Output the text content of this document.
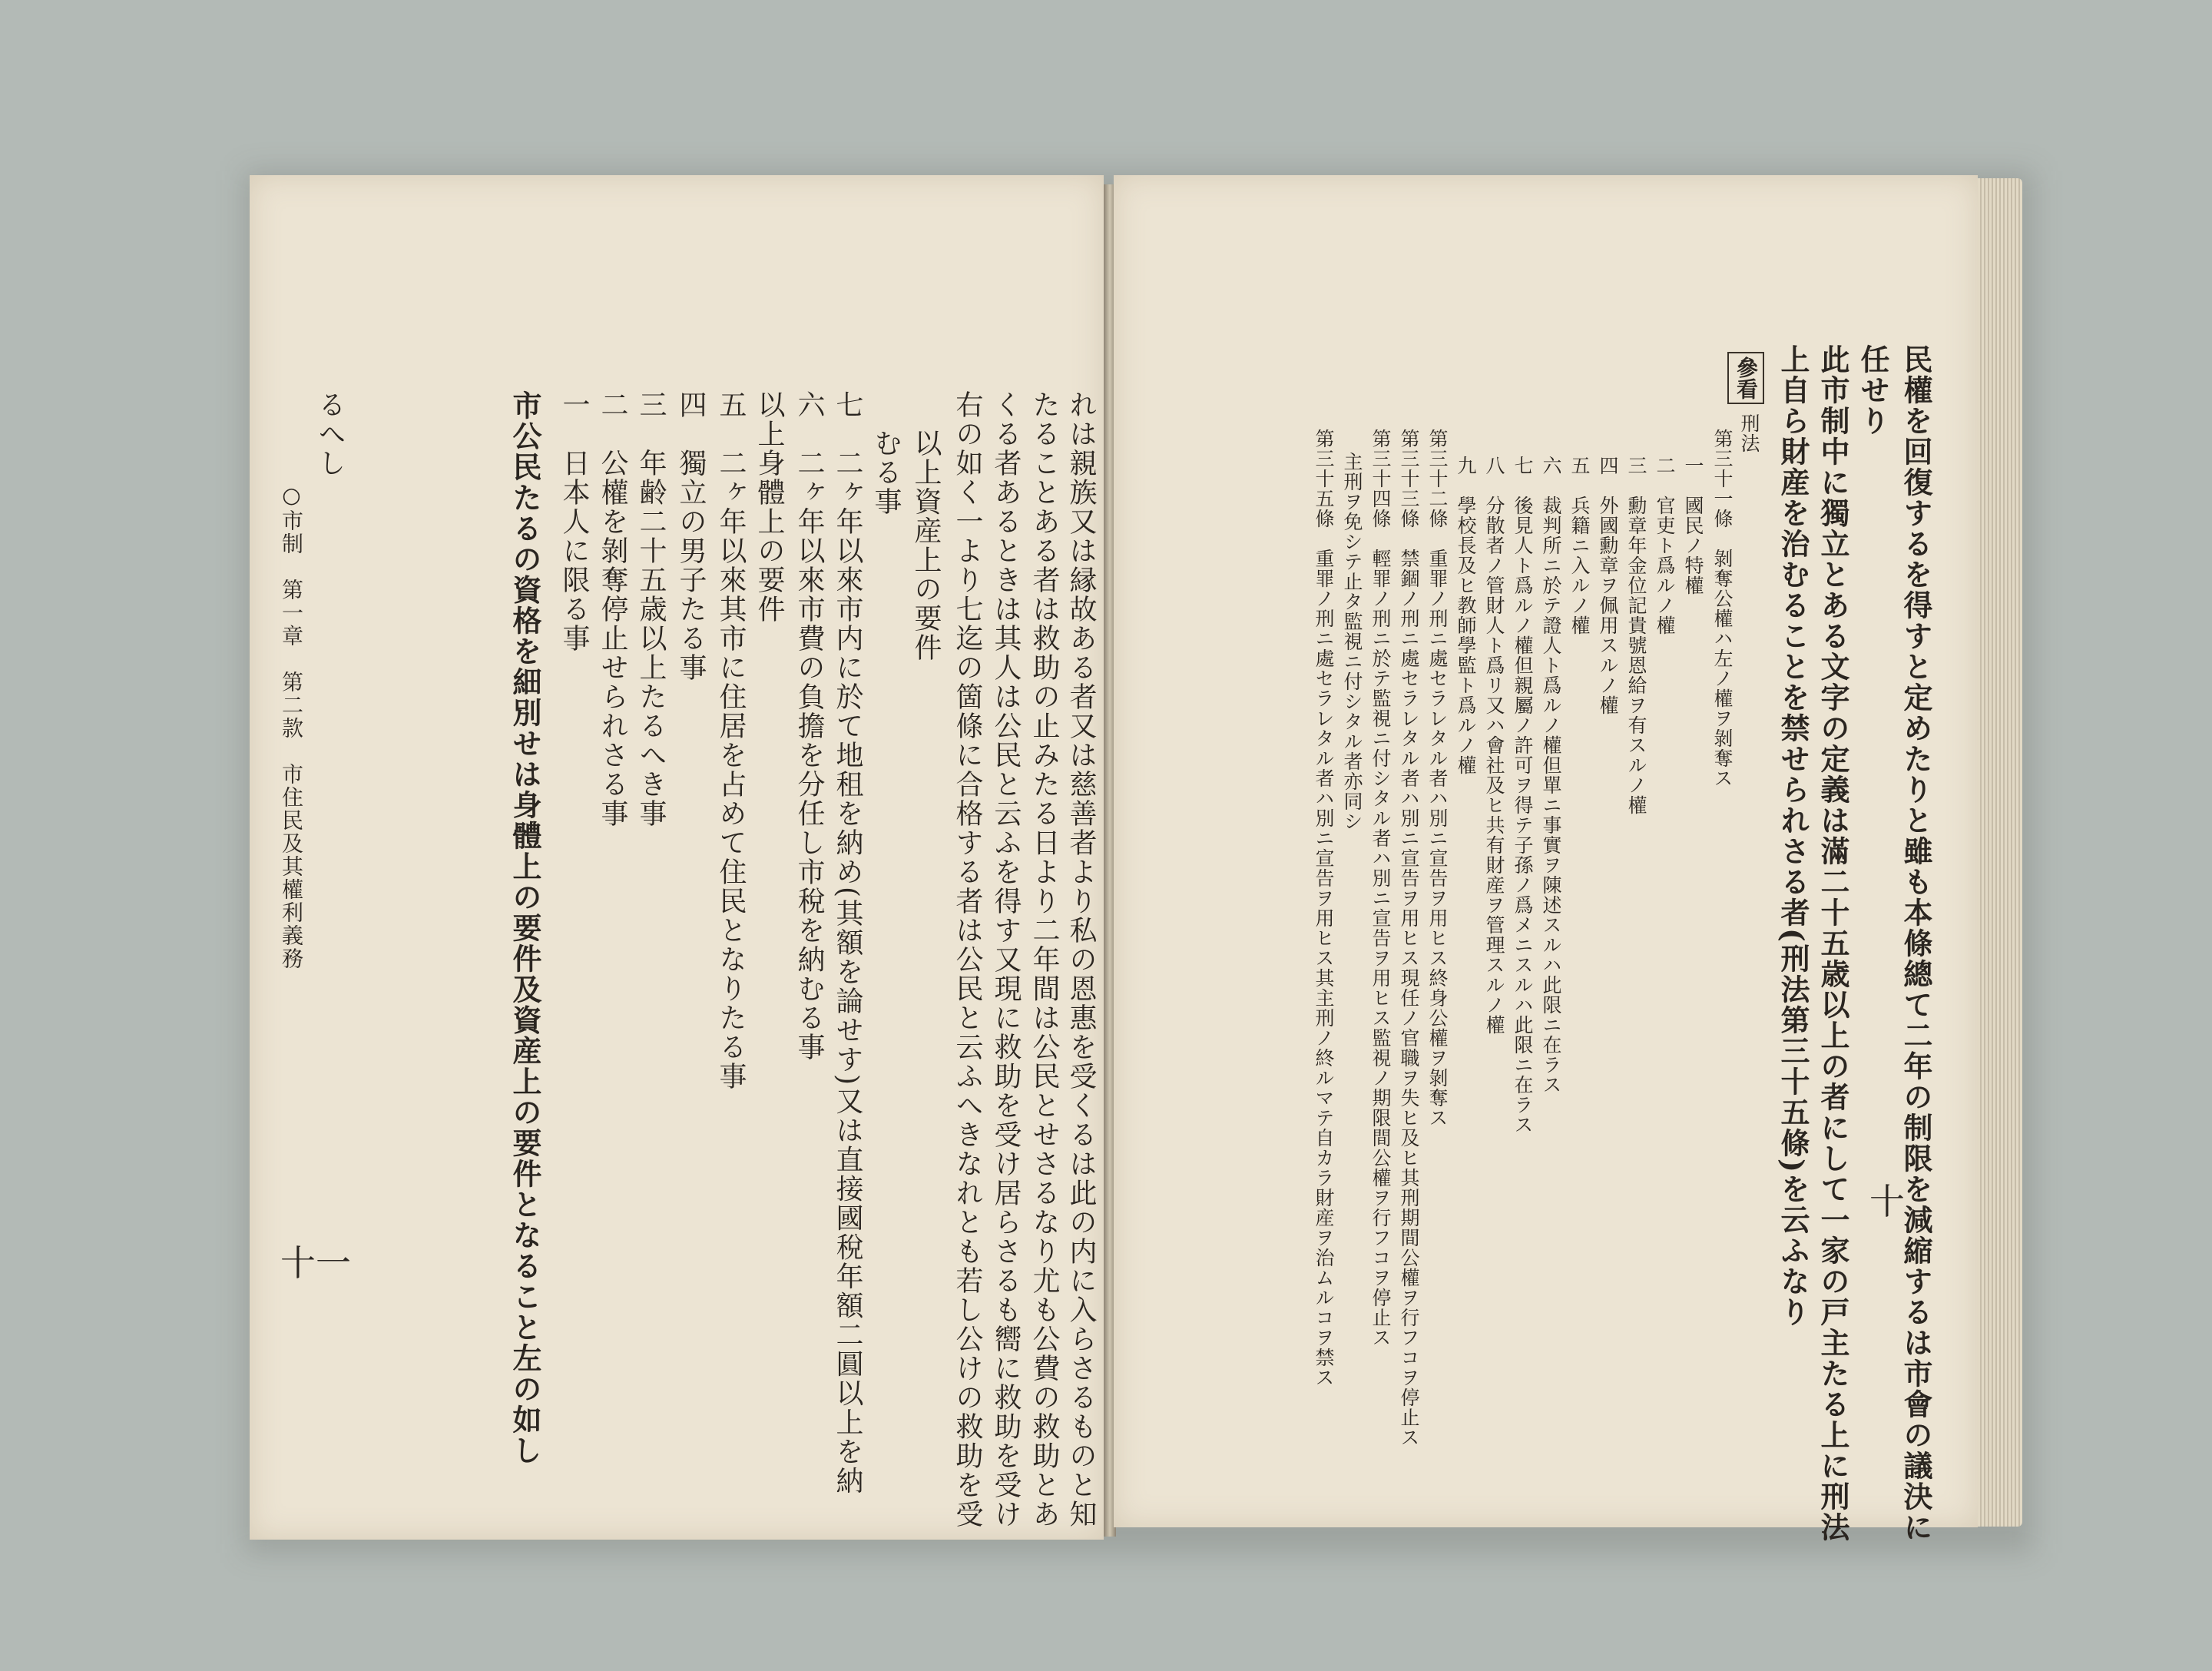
市公民たるの資格を細別せは身體上の要件及資産上の要件となること左の如し 一　日本人に限る事 二　公權を剝奪停止せられさる事 三　年齢二十五歳以上たるへき事 四　獨立の男子たる事 五　二ヶ年以來其市に住居を占めて住民となりたる事 以上身體上の要件 六　二ヶ年以來市費の負擔を分任し市稅を納むる事 七　二ヶ年以來市内に於て地租を納め(其額を論せす)又は直接國稅年額二圓以上を納 むる事 以上資産上の要件 右の如く一より七迄の箇條に合格する者は公民と云ふへきなれとも若し公けの救助を受 くる者あるときは其人は公民と云ふを得す又現に救助を受け居らさるも嚮に救助を受け たることある者は救助の止みたる日より二年間は公民とせさるなり尤も公費の救助とあ れは親族又は縁故ある者又は慈善者より私の恩惠を受くるは此の内に入らさるものと知
るへし
○市制　第一章　第二款　市住民及其權利義務
十一	民權を回復するを得すと定めたりと雖も本條總て二年の制限を減縮するは市會の議決に
任せり
此市制中に獨立とある文字の定義は滿二十五歳以上の者にして一家の戸主たる上に刑法
上自ら財産を治むることを禁せられさる者(刑法第三十五條)を云ふなり
參看
刑法
第三十一條　剝奪公權ハ左ノ權ヲ剝奪ス
一　國民ノ特權
二　官吏ト爲ルノ權
三　勳章年金位記貴號恩給ヲ有スルノ權
四　外國勳章ヲ佩用スルノ權
五　兵籍ニ入ルノ權
六　裁判所ニ於テ證人ト爲ルノ權但單ニ事實ヲ陳述スルハ此限ニ在ラス
七　後見人ト爲ルノ權但親屬ノ許可ヲ得テ子孫ノ爲メニスルハ此限ニ在ラス
八　分散者ノ管財人ト爲リ又ハ會社及ヒ共有財産ヲ管理スルノ權
九　學校長及ヒ教師學監ト爲ルノ權
第三十二條　重罪ノ刑ニ處セラレタル者ハ別ニ宣告ヲ用ヒス終身公權ヲ剝奪ス
第三十三條　禁錮ノ刑ニ處セラレタル者ハ別ニ宣告ヲ用ヒス現任ノ官職ヲ失ヒ及ヒ其刑期間公權ヲ行フコヲ停止ス
第三十四條　輕罪ノ刑ニ於テ監視ニ付シタル者ハ別ニ宣告ヲ用ヒス監視ノ期限間公權ヲ行フコヲ停止ス
主刑ヲ免シテ止タ監視ニ付シタル者亦同シ
第三十五條　重罪ノ刑ニ處セラレタル者ハ別ニ宣告ヲ用ヒス其主刑ノ終ルマテ自カラ財産ヲ治ムルコヲ禁ス	十
